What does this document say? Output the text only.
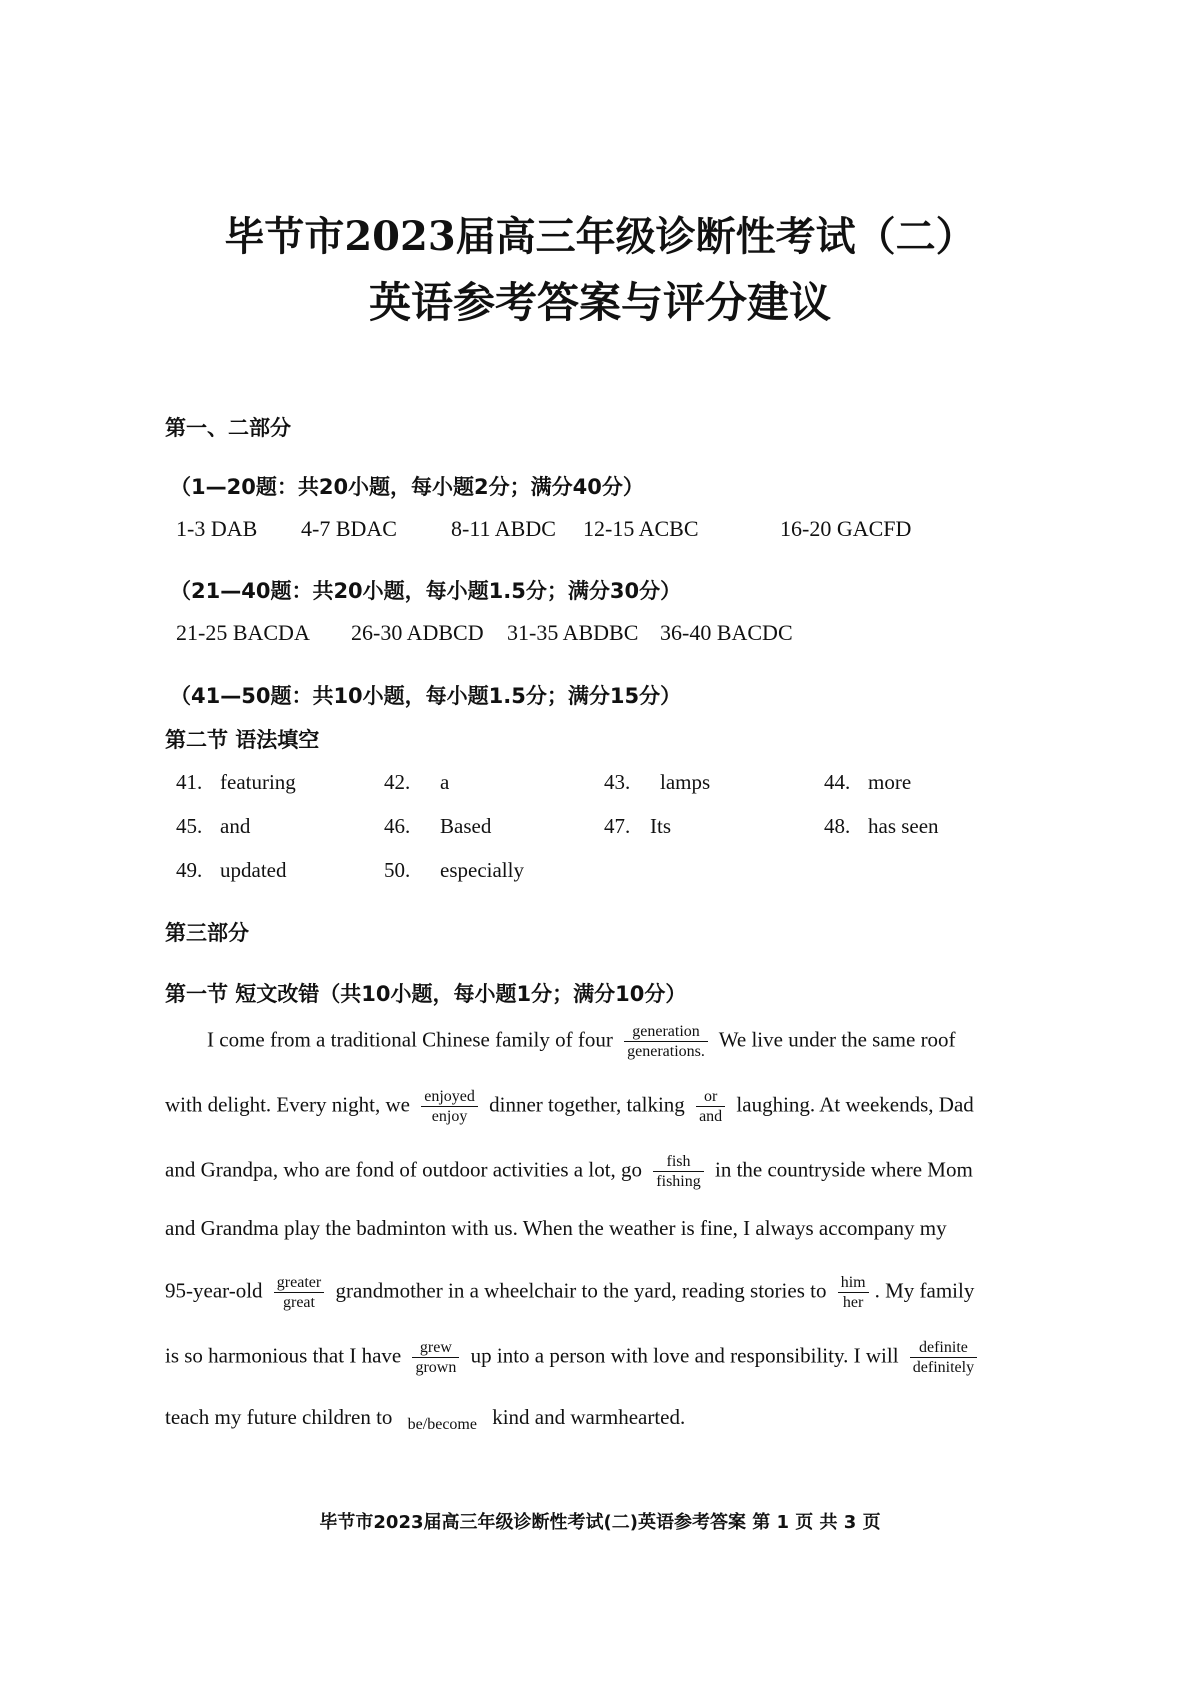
毕节市2023届高三年级诊断性考试（二）
英语参考答案与评分建议
第一、二部分
（1—20题：共20小题，每小题2分；满分40分）
1-3 DAB 4-7 BDAC 8-11 ABDC 12-15 ACBC	16-20 GACFD
（21—40题：共20小题，每小题1.5分；满分30分）
21-25 BACDA 26-30 ADBCD 31-35 ABDBC 36-40 BACDC
（41—50题：共10小题，每小题1.5分；满分15分）
第二节 语法填空
41. featuring	42. a	43. lamps	44. more
45. and	46. Based	47. Its	48. has seen
49. updated	50. especially
第三部分
第一节 短文改错（共10小题，每小题1分；满分10分）
I come from a traditional Chinese family of four $\frac{\text{generation}}{\text{generations.}}$ We live under the same roof
with delight. Every night, we $\frac{\text{enjoyed}}{\text{enjoy}}$ dinner together, talking $\frac{or}{\text{and}}$ laughing. At weekends, Dad
and Grandpa, who are fond of outdoor activities a lot, go $\frac{\text{fish}}{\text{fishing}}$ in the countryside where Mom
and Grandma play the badminton with us. When the weather is fine, I always accompany my
95-year-old $\frac{\text{greater}}{\text{great}}$ grandmother in a wheelchair to the yard, reading stories to $\frac{\text{him}}{\text{her}}$ . My family
is so harmonious that I have $\frac{\text{grew}}{\text{grown}}$ up into a person with love and responsibility. I will $\frac{\text{definite}}{\text{definitely}}$
teach my future children to be/become kind and warmhearted.
毕节市2023届高三年级诊断性考试(二)英语参考答案 第 1 页 共 3 页
